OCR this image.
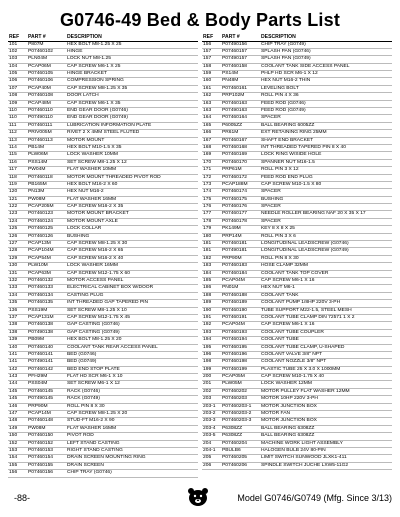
G0746-49 Bed & Body Parts List
REF	PART #	DESCRIPTION
101	P807M	HEX BOLT M8-1.25 X 25
102	P07460102	HINGE
103	PLN04M	LOCK NUT M8-1.25
104	PCAP06M	CAP SCREW M6-1 X 25
105	P07460105	HINGE BRACKET
106	P07460106	COMPRESSION SPRING
107	PCAP40M	CAP SCREW M8-1.25 X 35
108	P07460108	DOOR LATCH
109	PCAP48M	CAP SCREW M6-1 X 35
110	P07460110	END GEAR DOOR (G0746)
110	P07490110	END GEAR DOOR (G0749)
111	P07460111	LUBRICATION INFORMATION PLATE
112	PRIV005M	RIVET 2 X 4MM STEEL FLUTED
113	P07460113	MOTOR MOUNT
114	PB14M	HEX BOLT M10-1.5 X 35
115	PLW06M	LOCK WASHER 10MM
116	PSS14M	SET SCREW M8-1.25 X 12
117	PW04M	FLAT WASHER 10MM
118	P07460118	MOTOR MOUNT THREADED PIVOT ROD
119	PB165M	HEX BOLT M16-2 X 60
120	PN13M	HEX NUT M16-2
121	PW08M	FLAT WASHER 16MM
122	PCAP205M	CAP SCREW M16-2 X 35
123	P07460123	MOTOR MOUNT BRACKET
124	P07460124	MOTOR MOUNT AXLE
125	P07460125	LOCK COLLAR
126	P07460126	BUSHING
127	PCAP13M	CAP SCREW M8-1.25 X 30
128	PCAP104M	CAP SCREW M16-2 X 65
129	PCAP54M	CAP SCREW M16-2 X 40
130	PLW10M	LOCK WASHER 16MM
131	PCAP63M	CAP SCREW M12-1.75 X 60
132	P07460132	MOTOR ACCESS PANEL
133	P07460133	ELECTRICAL CABINET BOX W/DOOR
134	P07460134	CASTING PLUG
135	P07460135	INT THREADED GAP TAPERED PIN
136	PSS19M	SET SCREW M8-1.25 X 10
137	PCAP131M	CAP SCREW M12-1.75 X 45
138	P07460138	GAP CASTING (G0746)
138	P07490138	GAP CASTING (G0749)
139	PB09M	HEX BOLT M8-1.25 X 20
140	P07460140	COOLANT TANK REAR ACCESS PANEL
141	P07460141	BED (G0746)
141	P07490141	BED (G0749)
142	P07460142	BED END STOP PLATE
143	PFH29M	FLAT HD SCR M6-1 X 10
144	PSS04M	SET SCREW M6-1 X 12
145	P07460145	RACK (G0746)
145	P07490145	RACK (G0749)
146	PRP90M	ROLL PIN 8 X 30
147	PCAP14M	CAP SCREW M8-1.25 X 20
148	P07460148	STUD-FT M16-2 X 90
149	PW08M	FLAT WASHER 16MM
150	P07460150	PIVOT ROD
152	P07460152	LEFT STAND CASTING
153	P07460153	RIGHT STAND CASTING
154	P07460154	DRAIN SCREEN MOUNTING RING
155	P07460155	DRAIN SCREEN
156	P07460156	CHIP TRAY (G0746)
REF	PART #	DESCRIPTION
156	P07490156	CHIP TRAY (G0749)
157	P07460157	SPLASH PAN (G0746)
157	P07490157	SPLASH PAN (G0749)
158	P07460158	COOLANT TANK SIDE ACCESS PANEL
159	PS14M	PHLP HD SCR M6-1 X 12
160	PN48M	HEX NUT M16-2 THIN
161	P07460161	LEVELING BOLT
162	PRP102M	ROLL PIN 4 X 36
163	P07460163	FEED ROD (G0746)
163	P07490163	FEED ROD (G0749)
164	P07460164	SPACER
165	P6005ZZ	BALL BEARING 6005ZZ
166	PR61M	EXT RETAINING RING 25MM
167	P07460167	SHAFT END BRACKET
168	P07460168	INT THREADED TAPERED PIN 8 X 40
169	P07460169	LOCK RING W/SIDE HOLE
170	P07460170	SPANNER NUT M16-1.5
171	PRP61M	ROLL PIN 3 X 12
172	P07460172	FEED ROD END PLUG
173	PCAP188M	CAP SCREW M10-1.5 X 80
174	P07460174	SPACER
175	P07460175	BUSHING
176	P07460176	SPACER
177	P07460177	NEEDLE ROLLER BEARING NAF 20 X 35 X 17
178	P07460178	SPACER
179	PK149M	KEY 8 X 8 X 25
180	PRP14M	ROLL PIN 3 X 6
181	P07460181	LONGITUDINAL LEADSCREW (G0746)
181	P07490181	LONGITUDINAL LEADSCREW (G0749)
182	PRP90M	ROLL PIN 8 X 30
183	P07460183	HOSE CLAMP 32MM
184	P07460184	COOLANT TANK TOP COVER
185	PCAP04M	CAP SCREW M6-1 X 16
186	PN01M	HEX NUT M6-1
188	P07460188	COOLANT TANK
189	P07460189	COOLANT PUMP 1/8HP 220V 3-PH
190	P07460190	TUBE SUPPORT M22-1.5, STEEL MESH
191	P07460191	COOLANT TUBE CLAMP DIN 72571 1 X 2
192	PCAP04M	CAP SCREW M6-1 X 16
193	P07460193	COOLANT TUBE COUPLER
194	P07460194	COOLANT TUBE
195	P07460195	COOLANT TUBE CLAMP, U-SHAPED
196	P07460196	COOLANT VALVE 3/8" NPT
198	P07460198	COOLANT NOZZLE 3/8" NPT
199	P07460199	PLASTIC TUBE 25 X 3.0 X 1000MM
200	PCAP05M	CAP SCREW M10-1.75 X 40
201	PLW05M	LOCK WASHER 12MM
202	P07460202	MOTOR PULLEY FLAT WASHER 12MM
203	P07460203	MOTOR 10HP 220V 3-PH
203-1	P07460203-1	MOTOR JUNCTION BOX
203-2	P07460203-2	MOTOR FAN
203-3	P07460203-3	MOTOR JUNCTION BOX
203-4	P6308ZZ	BALL BEARING 6308ZZ
203-5	P6308ZZ	BALL BEARING 6308ZZ
204	P07460204	MACHINE WORK LIGHT ASSEMBLY
204-1	PBULB6	HALOGEN BULB 24V 80-PIN
205	P07460205	LIMIT SWITCH SUNWOOD JLXK1-411
206	P07460206	SPINDLE SWITCH JUCHE LXW5-11G2
-88-	Model G0746/G0749 (Mfg. Since 3/13)
